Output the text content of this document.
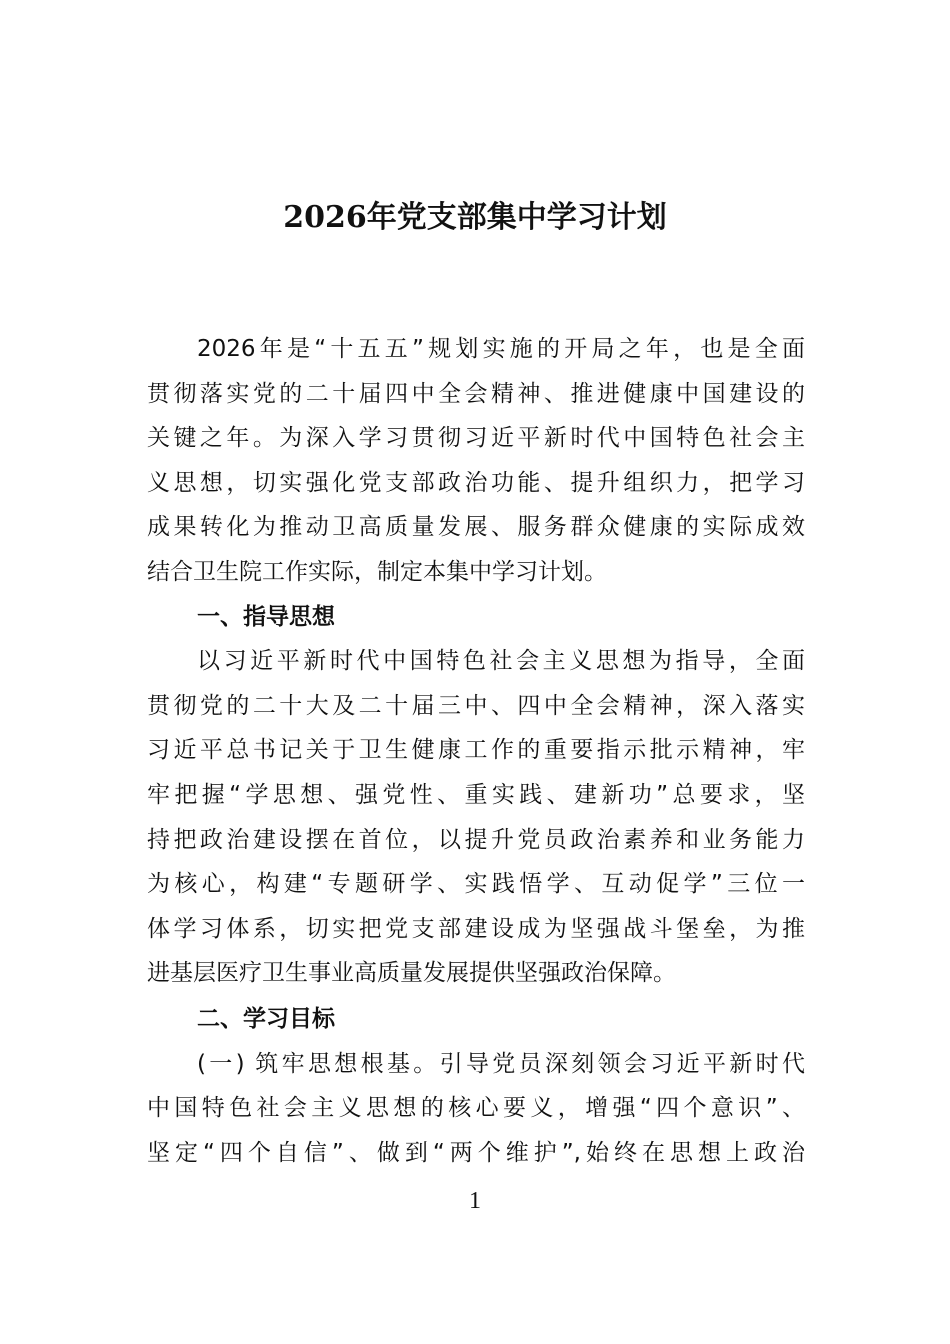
2026年党支部集中学习计划
2026年是“十五五”规划实施的开局之年，也是全面
贯彻落实党的二十届四中全会精神、推进健康中国建设的
关键之年。为深入学习贯彻习近平新时代中国特色社会主
义思想，切实强化党支部政治功能、提升组织力，把学习
成果转化为推动卫高质量发展、服务群众健康的实际成效
结合卫生院工作实际，制定本集中学习计划。
一、指导思想
以习近平新时代中国特色社会主义思想为指导，全面
贯彻党的二十大及二十届三中、四中全会精神，深入落实
习近平总书记关于卫生健康工作的重要指示批示精神，牢
牢把握“学思想、强党性、重实践、建新功”总要求，坚
持把政治建设摆在首位，以提升党员政治素养和业务能力
为核心，构建“专题研学、实践悟学、互动促学”三位一
体学习体系，切实把党支部建设成为坚强战斗堡垒，为推
进基层医疗卫生事业高质量发展提供坚强政治保障。
二、学习目标
(一) 筑牢思想根基。引导党员深刻领会习近平新时代
中国特色社会主义思想的核心要义，增强“四个意识”、
坚定“四个自信”、做到“两个维护”,始终在思想上政治
1
